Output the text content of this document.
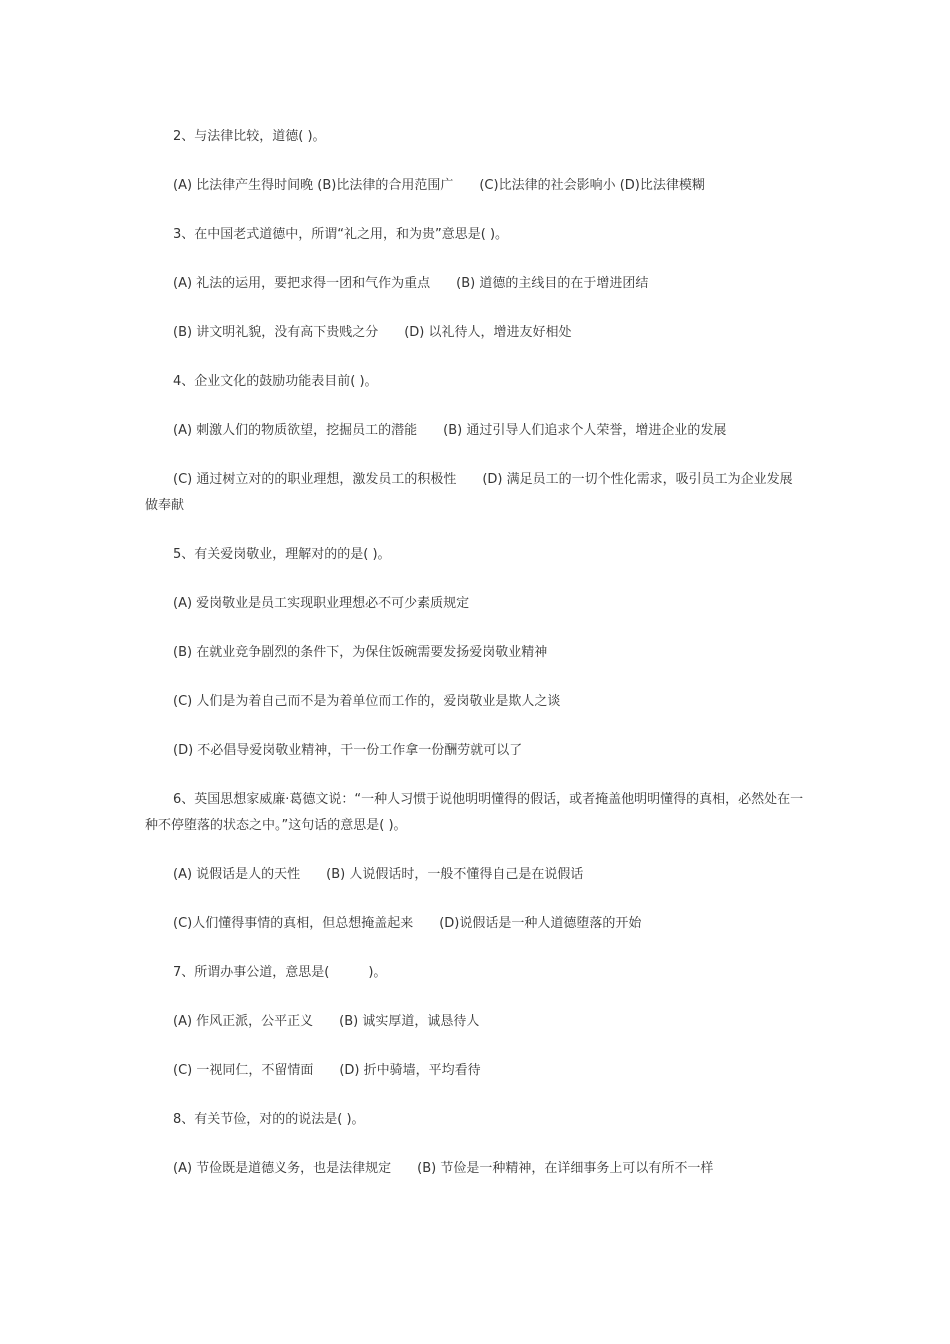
2、与法律比较，道德( )。

(A) 比法律产生得时间晚 (B)比法律的合用范围广　　(C)比法律的社会影响小 (D)比法律模糊

3、在中国老式道德中，所谓“礼之用，和为贵”意思是( )。

(A) 礼法的运用，要把求得一团和气作为重点　　(B) 道德的主线目的在于增进团结

(B) 讲文明礼貌，没有高下贵贱之分　　(D) 以礼待人，增进友好相处

4、企业文化的鼓励功能表目前( )。

(A) 刺激人们的物质欲望，挖掘员工的潜能　　(B) 通过引导人们追求个人荣誉，增进企业的发展

(C) 通过树立对的的职业理想，激发员工的积极性　　(D) 满足员工的一切个性化需求，吸引员工为企业发展做奉献

5、有关爱岗敬业，理解对的的是( )。

(A) 爱岗敬业是员工实现职业理想必不可少素质规定

(B) 在就业竞争剧烈的条件下，为保住饭碗需要发扬爱岗敬业精神

(C) 人们是为着自己而不是为着单位而工作的，爱岗敬业是欺人之谈

(D) 不必倡导爱岗敬业精神，干一份工作拿一份酬劳就可以了

6、英国思想家威廉·葛德文说：“一种人习惯于说他明明懂得的假话，或者掩盖他明明懂得的真相，必然处在一种不停堕落的状态之中。”这句话的意思是( )。

(A) 说假话是人的天性　　(B) 人说假话时，一般不懂得自己是在说假话

(C)人们懂得事情的真相，但总想掩盖起来　　(D)说假话是一种人道德堕落的开始

7、所谓办事公道，意思是(　　　)。

(A) 作风正派，公平正义　　(B) 诚实厚道，诚恳待人

(C) 一视同仁，不留情面　　(D) 折中骑墙，平均看待

8、有关节俭，对的的说法是( )。

(A) 节俭既是道德义务，也是法律规定　　(B) 节俭是一种精神，在详细事务上可以有所不一样
